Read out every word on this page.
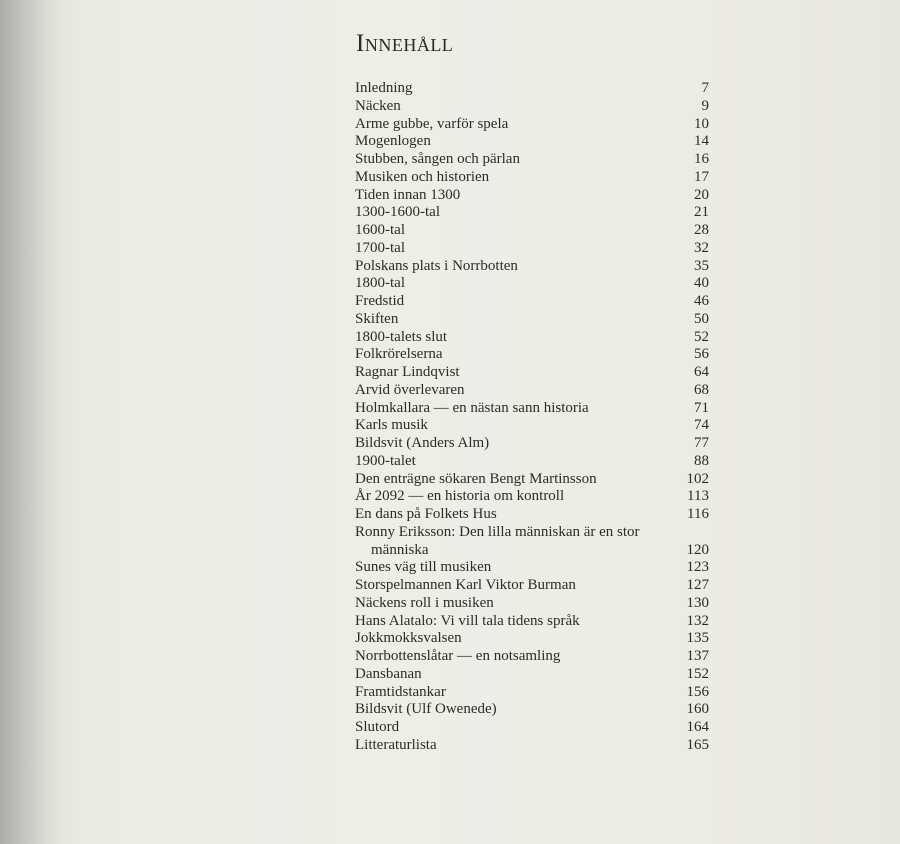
Innehåll
Inledning	7
Näcken	9
Arme gubbe, varför spela	10
Mogenlogen	14
Stubben, sången och pärlan	16
Musiken och historien	17
Tiden innan 1300	20
1300-1600-tal	21
1600-tal	28
1700-tal	32
Polskans plats i Norrbotten	35
1800-tal	40
Fredstid	46
Skiften	50
1800-talets slut	52
Folkrörelserna	56
Ragnar Lindqvist	64
Arvid överlevaren	68
Holmkallara — en nästan sann historia	71
Karls musik	74
Bildsvit (Anders Alm)	77
1900-talet	88
Den enträgne sökaren Bengt Martinsson	102
År 2092 — en historia om kontroll	113
En dans på Folkets Hus	116
Ronny Eriksson: Den lilla människan är en stor människa	120
Sunes väg till musiken	123
Storspelmannen Karl Viktor Burman	127
Näckens roll i musiken	130
Hans Alatalo: Vi vill tala tidens språk	132
Jokkmokksvalsen	135
Norrbottenslåtar — en notsamling	137
Dansbanan	152
Framtidstankar	156
Bildsvit (Ulf Owenede)	160
Slutord	164
Litteraturlista	165
